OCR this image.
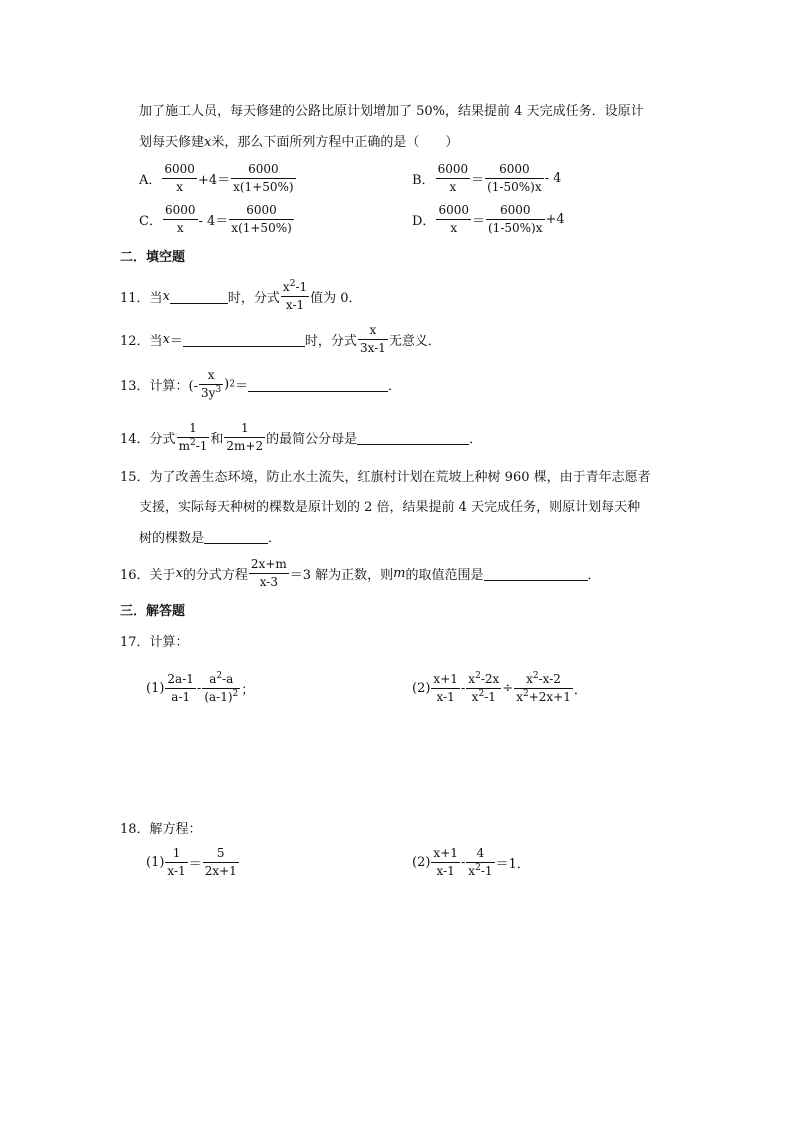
加了施工人员，每天修建的公路比原计划增加了 50%，结果提前 4 天完成任务．设原计
划每天修建x米，那么下面所列方程中正确的是（　　）
A． $\frac{6000}{x} +4= \frac{6000}{x(1+50\%)}$	B． $\frac{6000}{x} = \frac{6000}{(1-50\%)x} - 4$
C． $\frac{6000}{x} - 4= \frac{6000}{x(1+50\%)}$	D． $\frac{6000}{x} = \frac{6000}{(1-50\%)x} +4$
二．填空题
11．当x	时，分式 $\frac{x^2-1}{x-1}$ 值为 0．
12．当x＝	时，分式 $\frac{x}{3x-1}$ 无意义．
13．计算：(- $\frac{x}{3y^3} )2=$	．
14．分式 $\frac{1}{m^2-1}$ 和 $\frac{1}{2m+2}$ 的最简公分母是	．
15．为了改善生态环境，防止水土流失，红旗村计划在荒坡上种树 960 棵，由于青年志愿者
支援，实际每天种树的棵数是原计划的 2 倍，结果提前 4 天完成任务，则原计划每天种
树的棵数是	．
16．关于x的分式方程 $\frac{2x+m}{x-3} =3$ 解为正数，则m的取值范围是	．
三．解答题
17．计算：
$(1) \frac{2a-1}{a-1} - \frac{a^2-a}{(a-1)^2}$ ；	$(2) \frac{x+1}{x-1} - \frac{x^2-2x}{x^2-1} \div \frac{x^2-x-2}{x^2+2x+1}$ ．
18．解方程：
$(1) \frac{1}{x-1} = \frac{5}{2x+1}$	$(2) \frac{x+1}{x-1} - \frac{4}{x^2-1} =1$．
